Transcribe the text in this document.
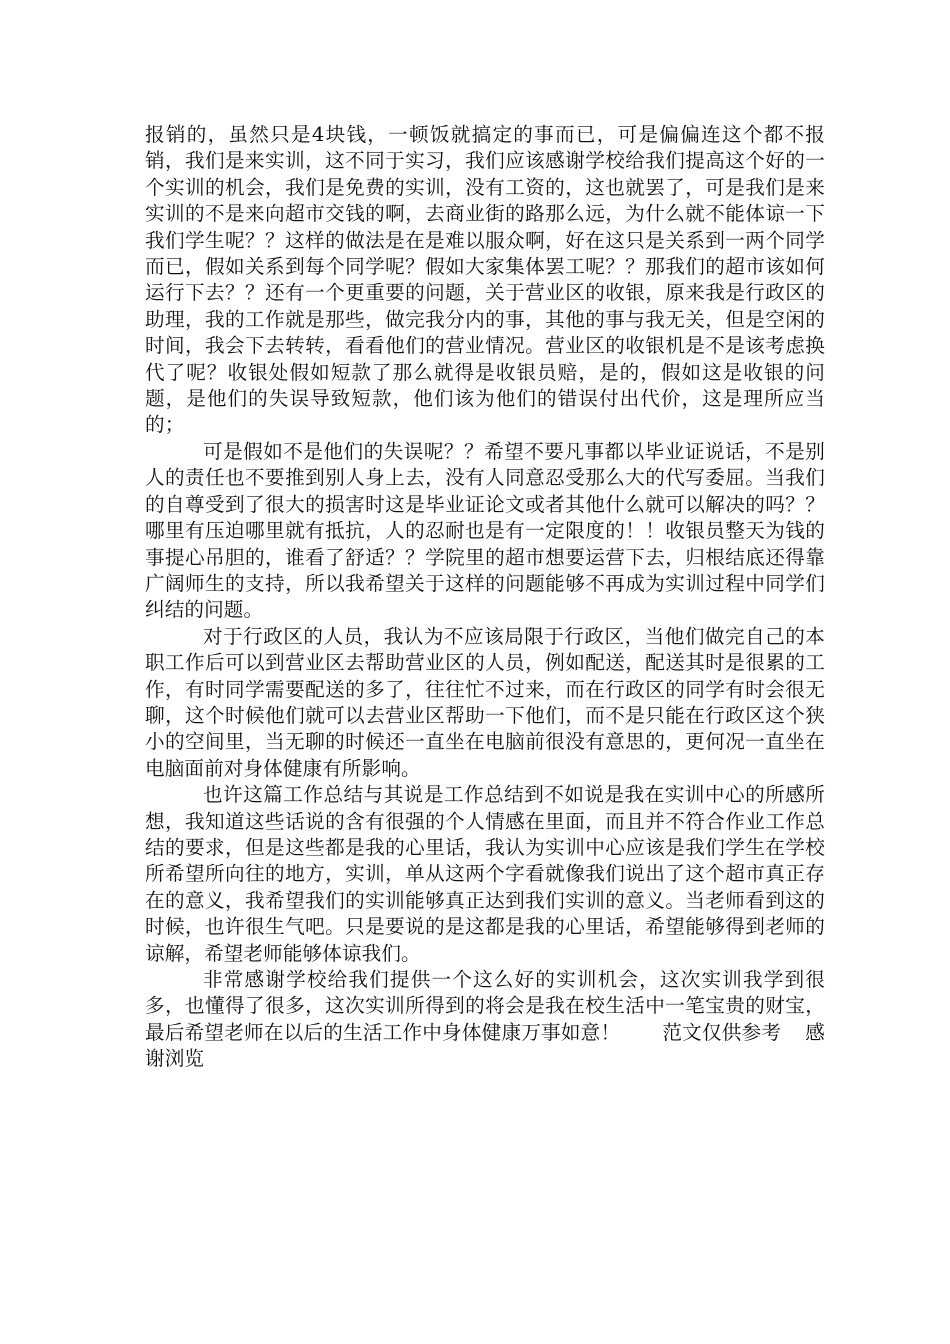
报销的，虽然只是4块钱，一顿饭就搞定的事而已，可是偏偏连这个都不报销，我们是来实训，这不同于实习，我们应该感谢学校给我们提高这个好的一个实训的机会，我们是免费的实训，没有工资的，这也就罢了，可是我们是来实训的不是来向超市交钱的啊，去商业街的路那么远，为什么就不能体谅一下我们学生呢？？这样的做法是在是难以服众啊，好在这只是关系到一两个同学而已，假如关系到每个同学呢？假如大家集体罢工呢？？那我们的超市该如何运行下去？？还有一个更重要的问题，关于营业区的收银，原来我是行政区的助理，我的工作就是那些，做完我分内的事，其他的事与我无关，但是空闲的时间，我会下去转转，看看他们的营业情况。营业区的收银机是不是该考虑换代了呢？收银处假如短款了那么就得是收银员赔，是的，假如这是收银的问题，是他们的失误导致短款，他们该为他们的错误付出代价，这是理所应当的；

可是假如不是他们的失误呢？？希望不要凡事都以毕业证说话，不是别人的责任也不要推到别人身上去，没有人同意忍受那么大的代写委屈。当我们的自尊受到了很大的损害时这是毕业证论文或者其他什么就可以解决的吗？？哪里有压迫哪里就有抵抗，人的忍耐也是有一定限度的！！收银员整天为钱的事提心吊胆的，谁看了舒适？？学院里的超市想要运营下去，归根结底还得靠广阔师生的支持，所以我希望关于这样的问题能够不再成为实训过程中同学们纠结的问题。

对于行政区的人员，我认为不应该局限于行政区，当他们做完自己的本职工作后可以到营业区去帮助营业区的人员，例如配送，配送其时是很累的工作，有时同学需要配送的多了，往往忙不过来，而在行政区的同学有时会很无聊，这个时候他们就可以去营业区帮助一下他们，而不是只能在行政区这个狭小的空间里，当无聊的时候还一直坐在电脑前很没有意思的，更何况一直坐在电脑面前对身体健康有所影响。

也许这篇工作总结与其说是工作总结到不如说是我在实训中心的所感所想，我知道这些话说的含有很强的个人情感在里面，而且并不符合作业工作总结的要求，但是这些都是我的心里话，我认为实训中心应该是我们学生在学校所希望所向往的地方，实训，单从这两个字看就像我们说出了这个超市真正存在的意义，我希望我们的实训能够真正达到我们实训的意义。当老师看到这的时候，也许很生气吧。只是要说的是这都是我的心里话，希望能够得到老师的谅解，希望老师能够体谅我们。

非常感谢学校给我们提供一个这么好的实训机会，这次实训我学到很多，也懂得了很多，这次实训所得到的将会是我在校生活中一笔宝贵的财宝，最后希望老师在以后的生活工作中身体健康万事如意！ 范文仅供参考 感谢浏览
